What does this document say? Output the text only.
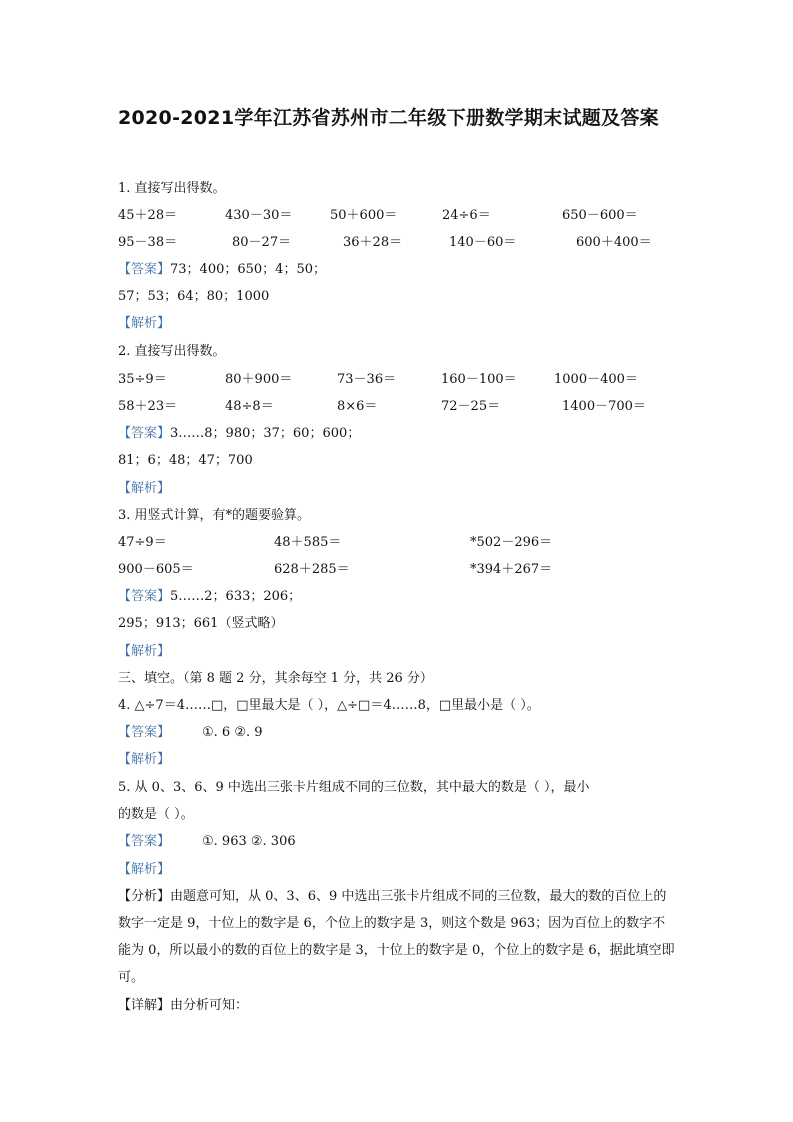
2020-2021学年江苏省苏州市二年级下册数学期末试题及答案
1. 直接写出得数。
45＋28＝	430－30＝	50＋600＝	24÷6＝	650－600＝
95－38＝	80－27＝	36＋28＝	140－60＝	600＋400＝
【答案】73；400；650；4；50；
57；53；64；80；1000
【解析】
2. 直接写出得数。
35÷9＝	80＋900＝	73－36＝	160－100＝	1000－400＝
58＋23＝	48÷8＝	8×6＝	72－25＝	1400－700＝
【答案】3……8；980；37；60；600；
81；6；48；47；700
【解析】
3. 用竖式计算，有*的题要验算。
47÷9＝	48＋585＝	*502－296＝
900－605＝	628＋285＝	*394＋267＝
【答案】5……2；633；206；
295；913；661（竖式略）
【解析】
三、填空。（第 8 题 2 分，其余每空 1 分，共 26 分）
4. △÷7＝4……□，□里最大是（ ），△÷□＝4……8，□里最小是（ ）。
【答案】 ①. 6 ②. 9
【解析】
5. 从 0、3、6、9 中选出三张卡片组成不同的三位数，其中最大的数是（ ），最小
的数是（ ）。
【答案】 ①. 963 ②. 306
【解析】
【分析】由题意可知，从 0、3、6、9 中选出三张卡片组成不同的三位数，最大的数的百位上的数字一定是 9，十位上的数字是 6，个位上的数字是 3，则这个数是 963；因为百位上的数字不能为 0，所以最小的数的百位上的数字是 3，十位上的数字是 0，个位上的数字是 6，据此填空即可。
【详解】由分析可知：
